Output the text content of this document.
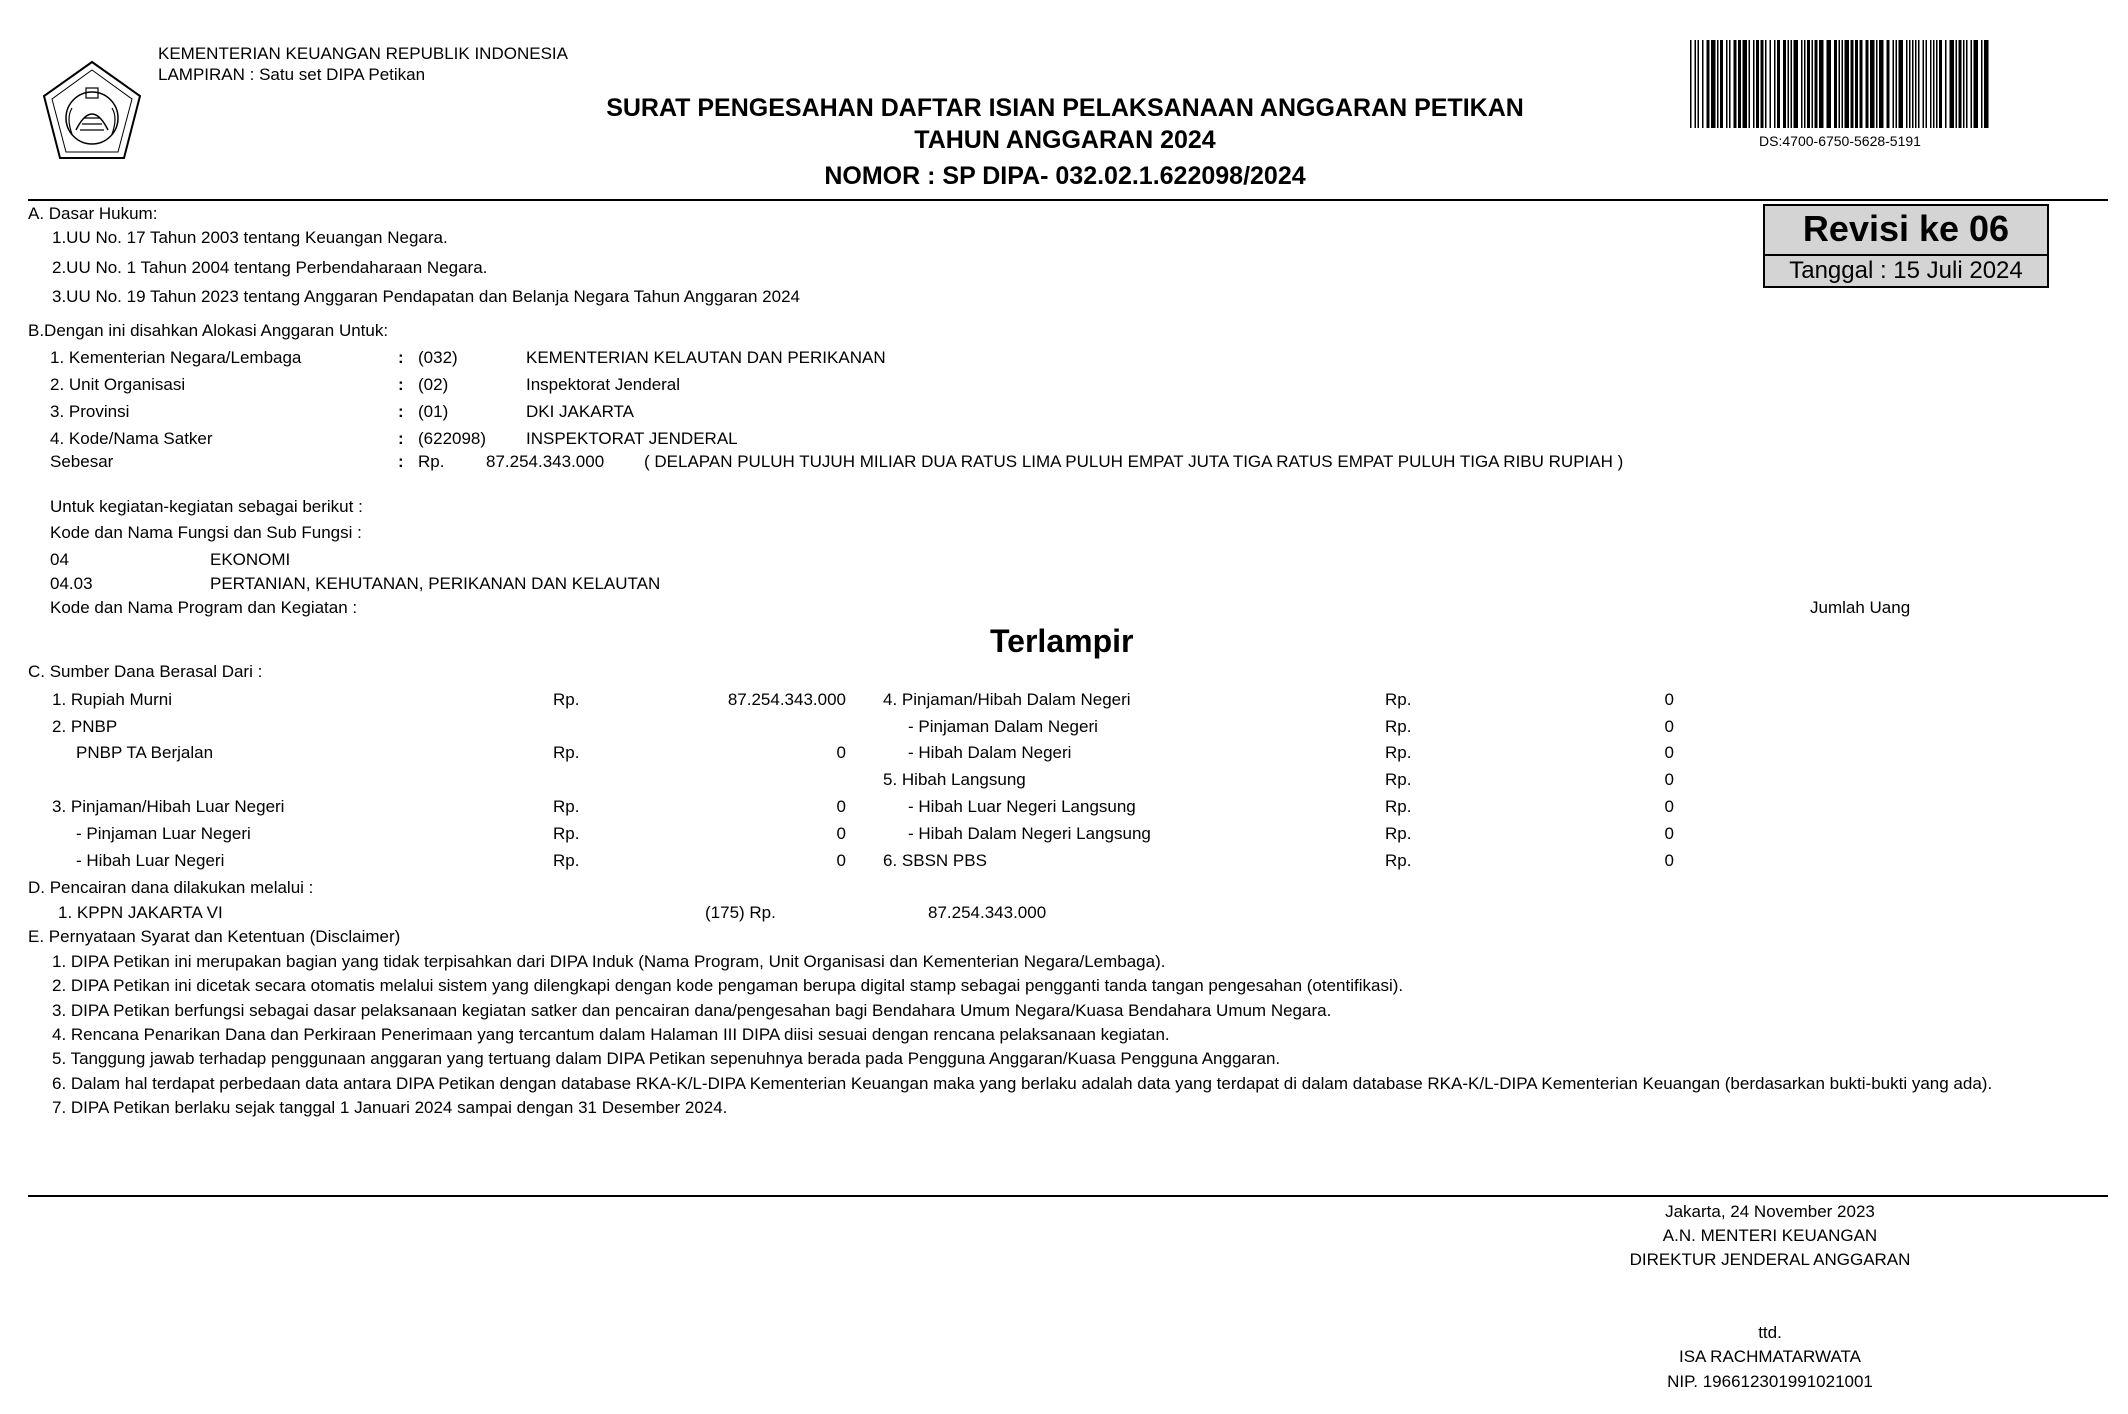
KEMENTERIAN KEUANGAN REPUBLIK INDONESIA
LAMPIRAN : Satu set DIPA Petikan
SURAT PENGESAHAN DAFTAR ISIAN PELAKSANAAN ANGGARAN PETIKAN
TAHUN ANGGARAN 2024
NOMOR : SP DIPA- 032.02.1.622098/2024
DS:4700-6750-5628-5191
Revisi ke 06
Tanggal : 15 Juli 2024
A. Dasar Hukum:
1.UU No. 17 Tahun 2003 tentang Keuangan Negara.
2.UU No. 1 Tahun 2004 tentang Perbendaharaan Negara.
3.UU No. 19 Tahun 2023 tentang Anggaran Pendapatan dan Belanja Negara Tahun Anggaran 2024
B.Dengan ini disahkan Alokasi Anggaran Untuk:
1. Kementerian Negara/Lembaga	: (032)	KEMENTERIAN KELAUTAN DAN PERIKANAN
2. Unit Organisasi	: (02)	Inspektorat Jenderal
3. Provinsi	: (01)	DKI JAKARTA
4. Kode/Nama Satker	: (622098) INSPEKTORAT JENDERAL
Sebesar	: Rp. 87.254.343.000 ( DELAPAN PULUH TUJUH MILIAR DUA RATUS LIMA PULUH EMPAT JUTA TIGA RATUS EMPAT PULUH TIGA RIBU RUPIAH )
Untuk kegiatan-kegiatan sebagai berikut :
Kode dan Nama Fungsi dan Sub Fungsi :
04	EKONOMI
04.03	PERTANIAN, KEHUTANAN, PERIKANAN DAN KELAUTAN
Kode dan Nama Program dan Kegiatan :	Jumlah Uang
Terlampir
C. Sumber Dana Berasal Dari :
1. Rupiah Murni	Rp.	87.254.343.000
2. PNBP
PNBP TA Berjalan	Rp.	0
3. Pinjaman/Hibah Luar Negeri	Rp.	0
- Pinjaman Luar Negeri	Rp.	0
- Hibah Luar Negeri	Rp.	0
4. Pinjaman/Hibah Dalam Negeri	Rp.	0
- Pinjaman Dalam Negeri	Rp.	0
- Hibah Dalam Negeri	Rp.	0
5. Hibah Langsung	Rp.	0
- Hibah Luar Negeri Langsung	Rp.	0
- Hibah Dalam Negeri Langsung	Rp.	0
6. SBSN PBS	Rp.	0
D. Pencairan dana dilakukan melalui :
1. KPPN JAKARTA VI	(175) Rp.	87.254.343.000
E. Pernyataan Syarat dan Ketentuan (Disclaimer)
1. DIPA Petikan ini merupakan bagian yang tidak terpisahkan dari DIPA Induk (Nama Program, Unit Organisasi dan Kementerian Negara/Lembaga).
2. DIPA Petikan ini dicetak secara otomatis melalui sistem yang dilengkapi dengan kode pengaman berupa digital stamp sebagai pengganti tanda tangan pengesahan (otentifikasi).
3. DIPA Petikan berfungsi sebagai dasar pelaksanaan kegiatan satker dan pencairan dana/pengesahan bagi Bendahara Umum Negara/Kuasa Bendahara Umum Negara.
4. Rencana Penarikan Dana dan Perkiraan Penerimaan yang tercantum dalam Halaman III DIPA diisi sesuai dengan rencana pelaksanaan kegiatan.
5. Tanggung jawab terhadap penggunaan anggaran yang tertuang dalam DIPA Petikan sepenuhnya berada pada Pengguna Anggaran/Kuasa Pengguna Anggaran.
6. Dalam hal terdapat perbedaan data antara DIPA Petikan dengan database RKA-K/L-DIPA Kementerian Keuangan maka yang berlaku adalah data yang terdapat di dalam database RKA-K/L-DIPA Kementerian Keuangan (berdasarkan bukti-bukti yang ada).
7. DIPA Petikan berlaku sejak tanggal 1 Januari 2024 sampai dengan 31 Desember 2024.
Jakarta, 24 November 2023
A.N. MENTERI KEUANGAN
DIREKTUR JENDERAL ANGGARAN
ttd.
ISA RACHMATARWATA
NIP. 196612301991021001
